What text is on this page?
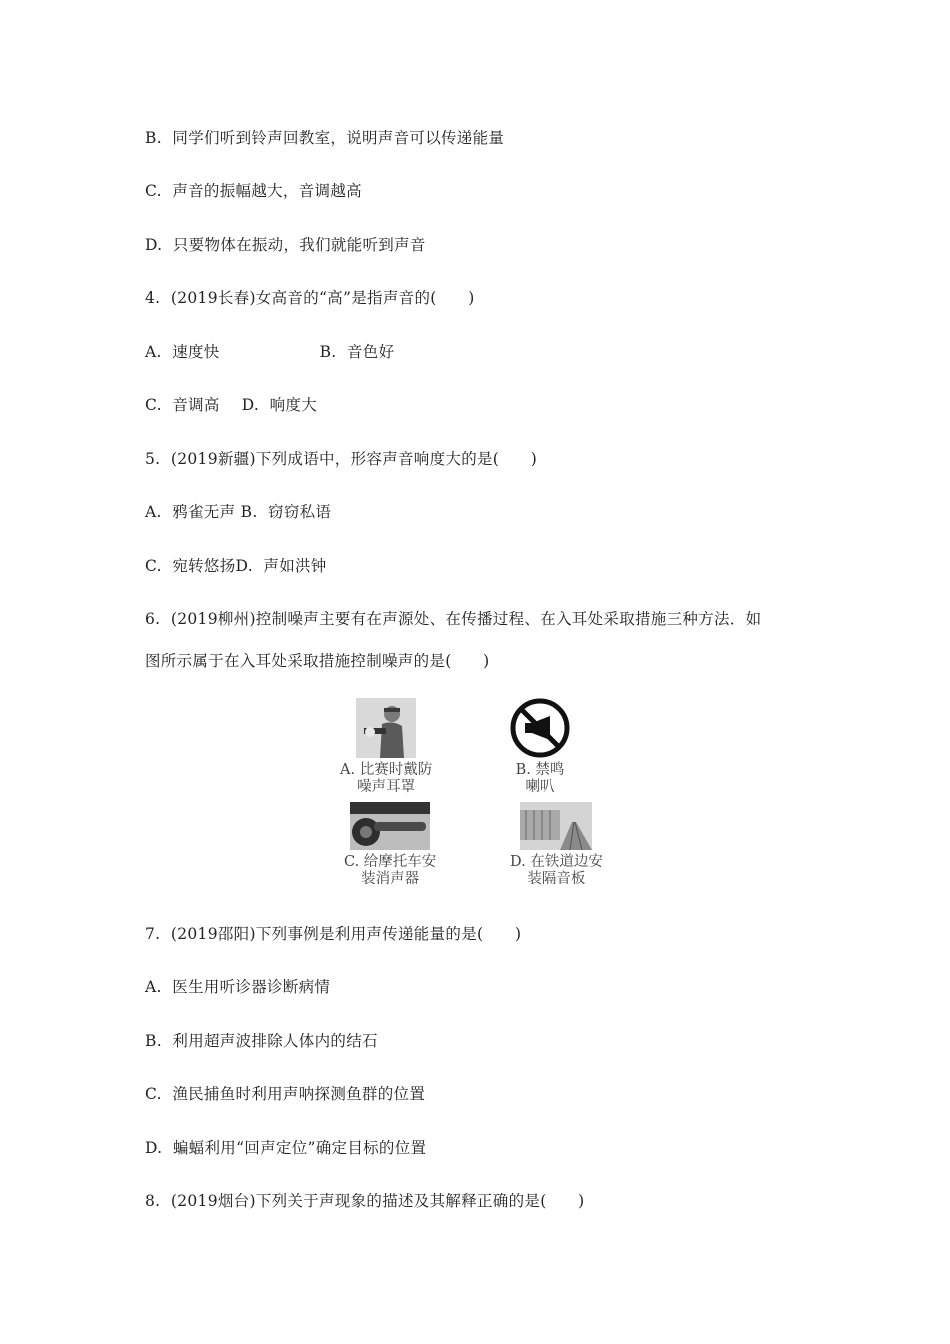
B. 同学们听到铃声回教室，说明声音可以传递能量
C. 声音的振幅越大，音调越高
D. 只要物体在振动，我们就能听到声音
4. (2019长春)女高音的“高”是指声音的(　　)
A. 速度快	B. 音色好
C. 音调高 D. 响度大
5. (2019新疆)下列成语中，形容声音响度大的是(　　)
A. 鸦雀无声 B. 窃窃私语
C. 宛转悠扬D. 声如洪钟
6. (2019柳州)控制噪声主要有在声源处、在传播过程、在入耳处采取措施三种方法．如
图所示属于在入耳处采取措施控制噪声的是(　　)
A. 比赛时戴防
噪声耳罩
B. 禁鸣
喇叭
C. 给摩托车安
装消声器
D. 在铁道边安
装隔音板
7. (2019邵阳)下列事例是利用声传递能量的是(　　)
A. 医生用听诊器诊断病情
B. 利用超声波排除人体内的结石
C. 渔民捕鱼时利用声呐探测鱼群的位置
D. 蝙蝠利用“回声定位”确定目标的位置
8. (2019烟台)下列关于声现象的描述及其解释正确的是(　　)
